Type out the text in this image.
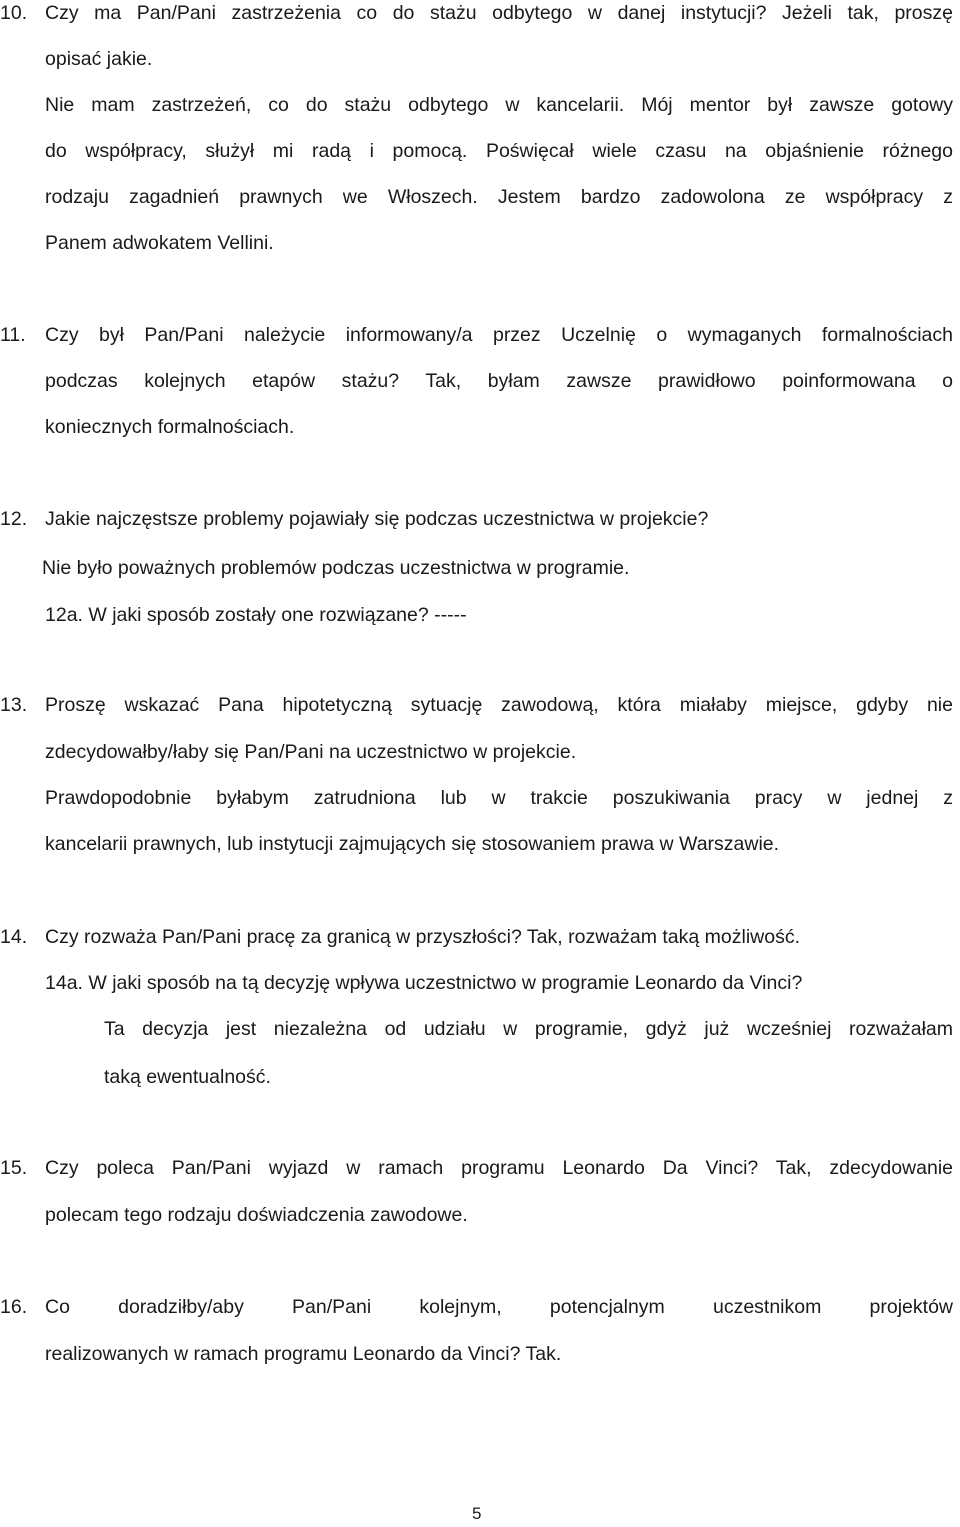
10. Czy ma Pan/Pani zastrzeżenia co do stażu odbytego w danej instytucji? Jeżeli tak, proszę
opisać jakie.
Nie mam zastrzeżeń, co do stażu odbytego w kancelarii. Mój mentor był zawsze gotowy
do współpracy, służył mi radą i pomocą. Poświęcał wiele czasu na objaśnienie różnego
rodzaju zagadnień prawnych we Włoszech. Jestem bardzo zadowolona ze współpracy z
Panem adwokatem Vellini.
11. Czy był Pan/Pani należycie informowany/a przez Uczelnię o wymaganych formalnościach
podczas kolejnych etapów stażu? Tak, byłam zawsze prawidłowo poinformowana o
koniecznych formalnościach.
12. Jakie najczęstsze problemy pojawiały się podczas uczestnictwa w projekcie?
Nie było poważnych problemów podczas uczestnictwa w programie.
12a. W jaki sposób zostały one rozwiązane? -----
13. Proszę wskazać Pana hipotetyczną sytuację zawodową, która miałaby miejsce, gdyby nie
zdecydowałby/łaby się Pan/Pani na uczestnictwo w projekcie.
Prawdopodobnie byłabym zatrudniona lub w trakcie poszukiwania pracy w jednej z
kancelarii prawnych, lub instytucji zajmujących się stosowaniem prawa w Warszawie.
14. Czy rozważa Pan/Pani pracę za granicą w przyszłości? Tak, rozważam taką możliwość.
14a. W jaki sposób na tą decyzję wpływa uczestnictwo w programie Leonardo da Vinci?
Ta decyzja jest niezależna od udziału w programie, gdyż już wcześniej rozważałam
taką ewentualność.
15. Czy poleca Pan/Pani wyjazd w ramach programu Leonardo Da Vinci? Tak, zdecydowanie
polecam tego rodzaju doświadczenia zawodowe.
16. Co doradziłby/aby Pan/Pani kolejnym, potencjalnym uczestnikom projektów
realizowanych w ramach programu Leonardo da Vinci? Tak.
5
